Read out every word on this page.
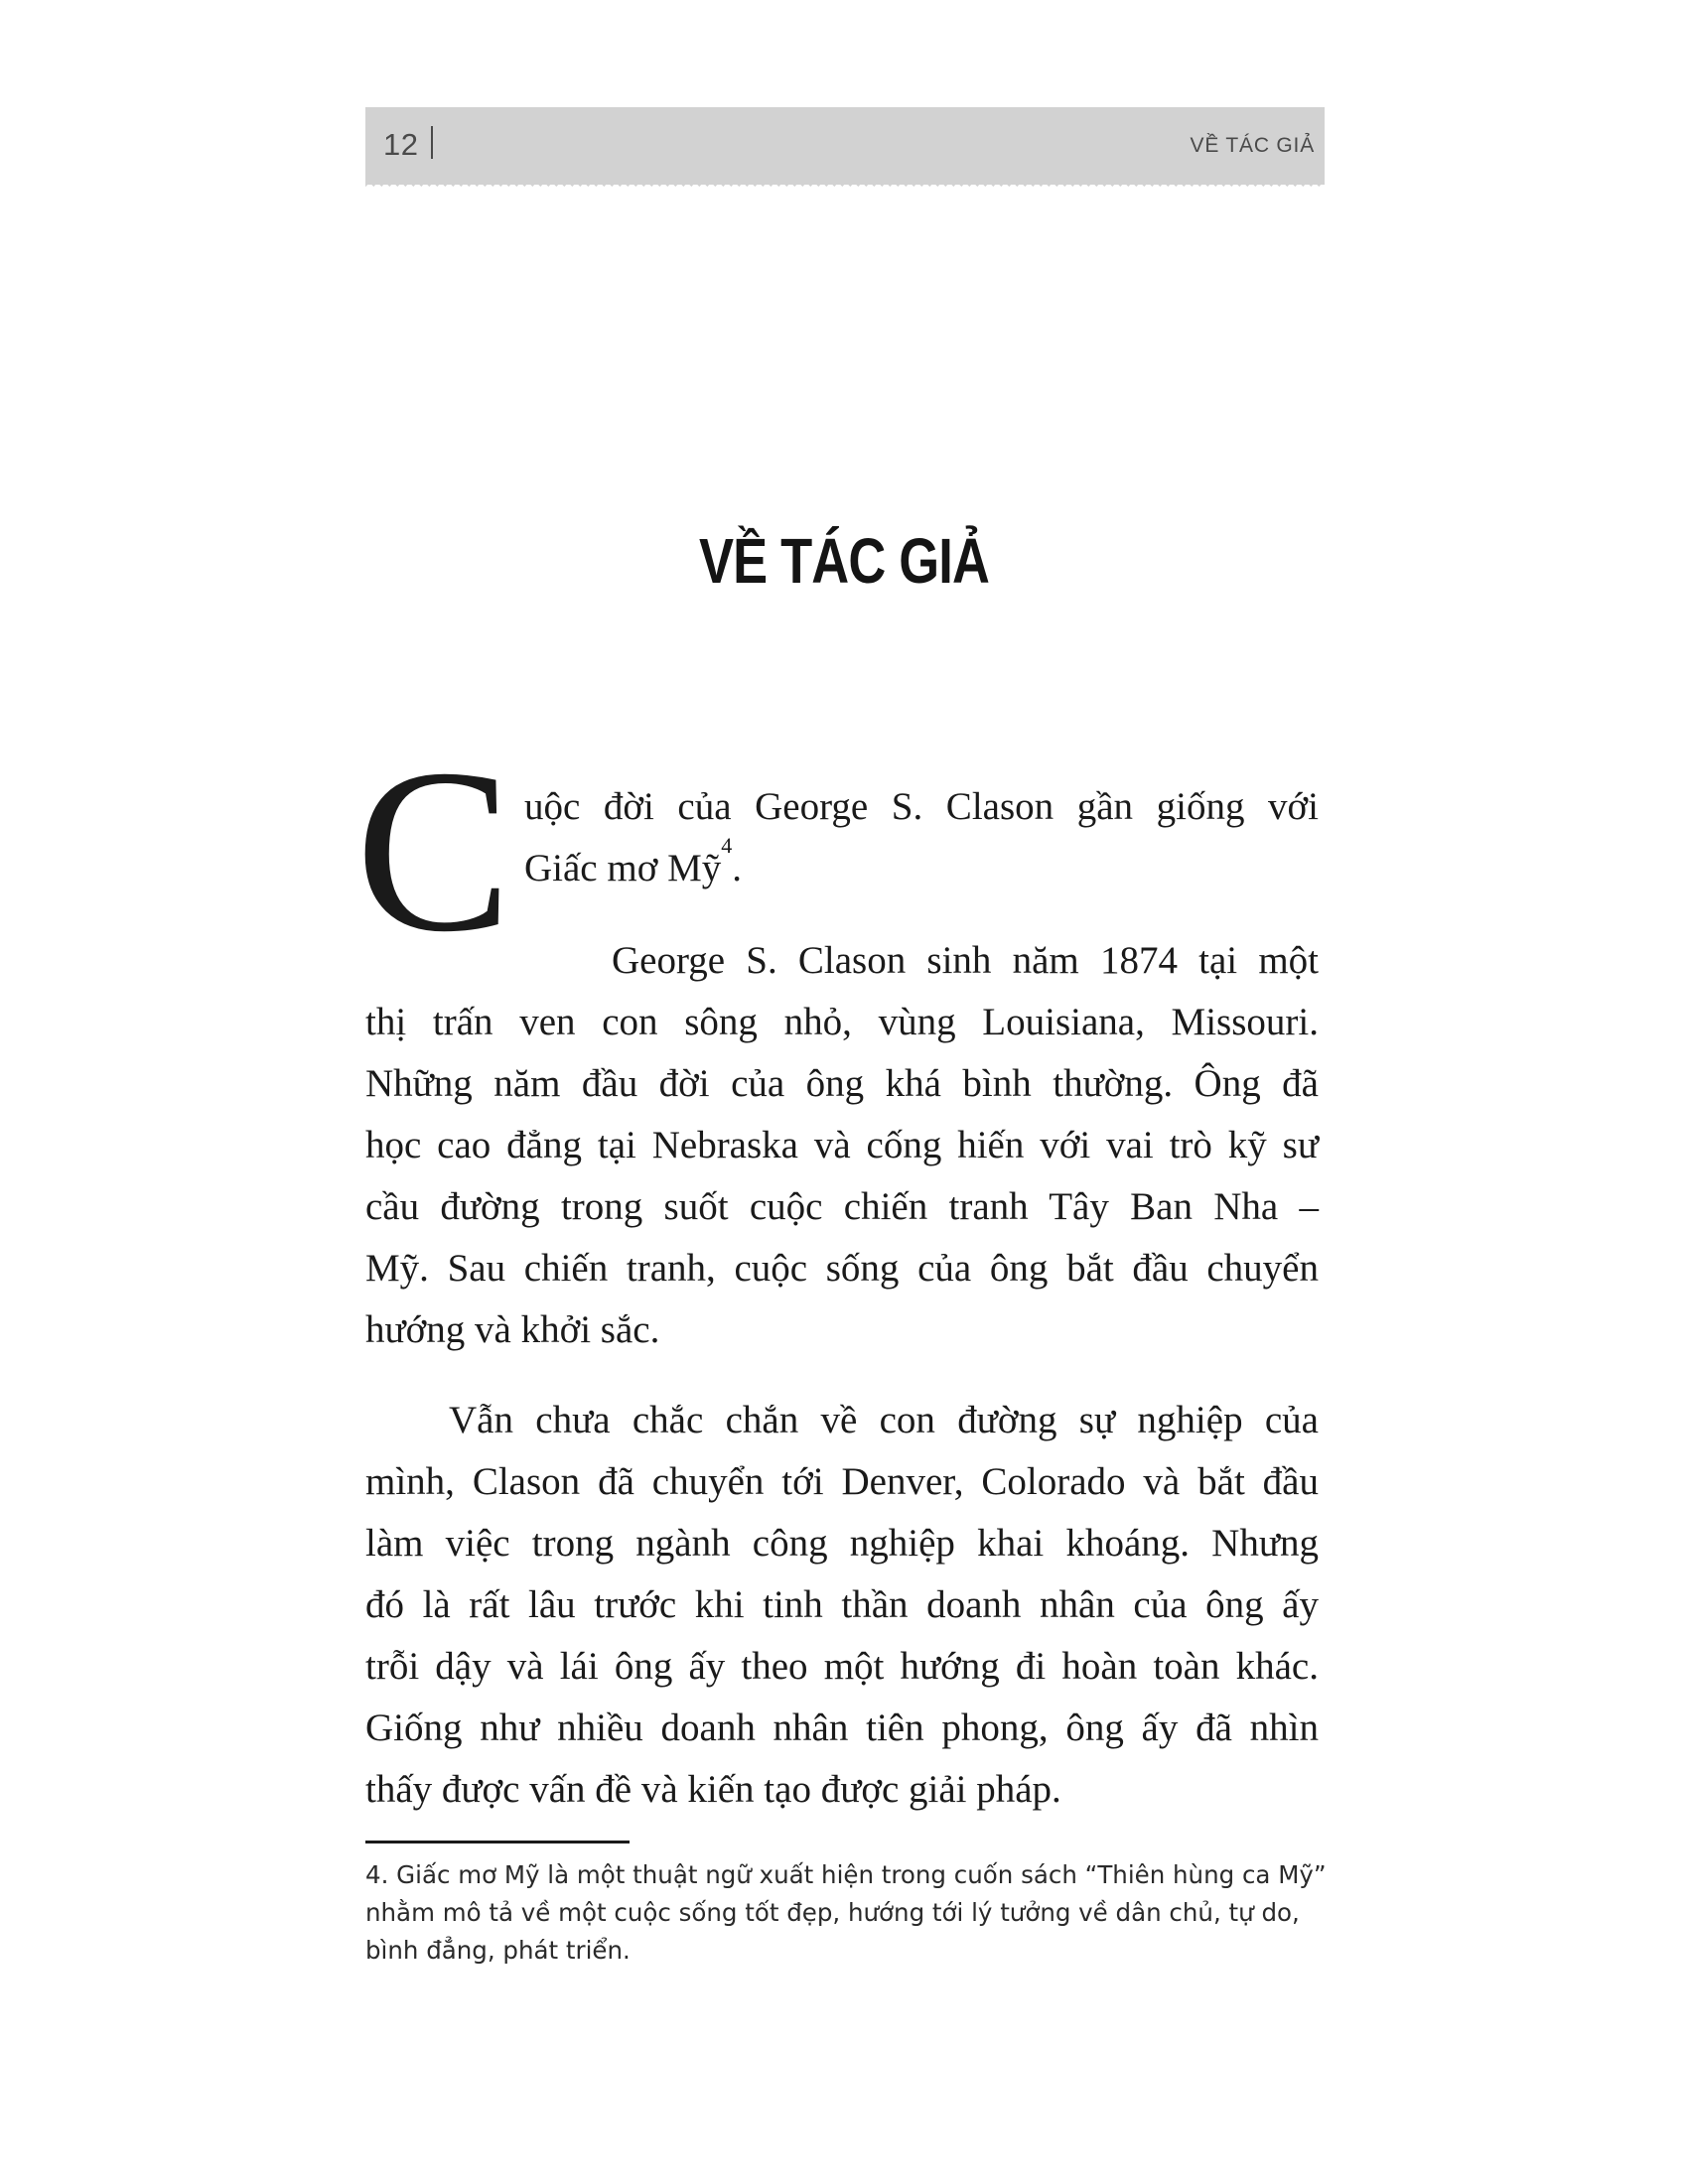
12	VỀ TÁC GIẢ
VỀ TÁC GIẢ
C uộc đời của George S. Clason gần giống với
Giấc mơ Mỹ$^4$.
George S. Clason sinh năm 1874 tại một
thị trấn ven con sông nhỏ, vùng Louisiana, Missouri.
Những năm đầu đời của ông khá bình thường. Ông đã
học cao đẳng tại Nebraska và cống hiến với vai trò kỹ sư
cầu đường trong suốt cuộc chiến tranh Tây Ban Nha –
Mỹ. Sau chiến tranh, cuộc sống của ông bắt đầu chuyển
hướng và khởi sắc.
Vẫn chưa chắc chắn về con đường sự nghiệp của
mình, Clason đã chuyển tới Denver, Colorado và bắt đầu
làm việc trong ngành công nghiệp khai khoáng. Nhưng
đó là rất lâu trước khi tinh thần doanh nhân của ông ấy
trỗi dậy và lái ông ấy theo một hướng đi hoàn toàn khác.
Giống như nhiều doanh nhân tiên phong, ông ấy đã nhìn
thấy được vấn đề và kiến tạo được giải pháp.
4. Giấc mơ Mỹ là một thuật ngữ xuất hiện trong cuốn sách “Thiên hùng ca Mỹ”
nhằm mô tả về một cuộc sống tốt đẹp, hướng tới lý tưởng về dân chủ, tự do,
bình đẳng, phát triển.
